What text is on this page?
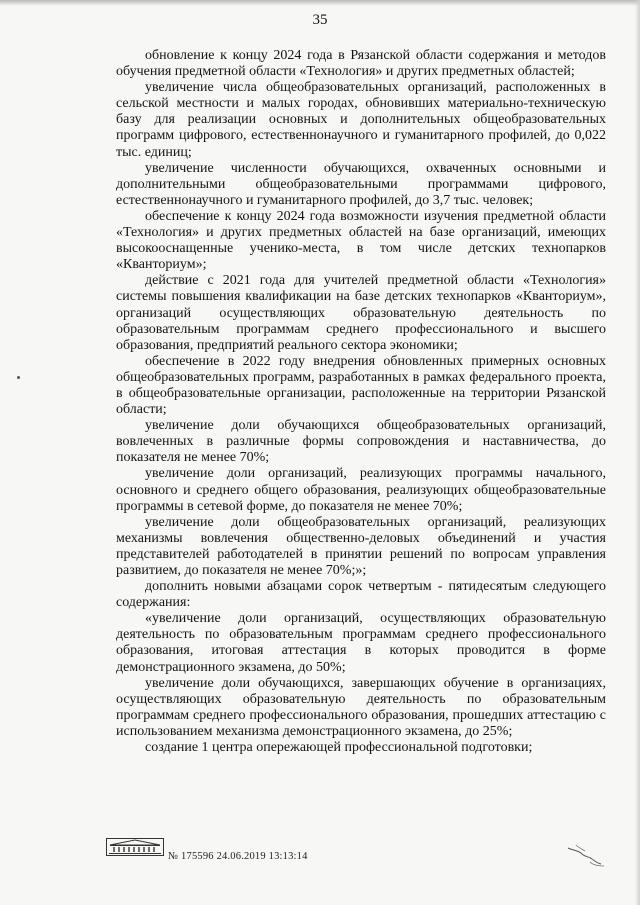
35

обновление к концу 2024 года в Рязанской области содержания и методов обучения предметной области «Технология» и других предметных областей;

увеличение числа общеобразовательных организаций, расположенных в сельской местности и малых городах, обновивших материально-техническую базу для реализации основных и дополнительных общеобразовательных программ цифрового, естественнонаучного и гуманитарного профилей, до 0,022 тыс. единиц;

увеличение численности обучающихся, охваченных основными и дополнительными общеобразовательными программами цифрового, естественнонаучного и гуманитарного профилей, до 3,7 тыс. человек;

обеспечение к концу 2024 года возможности изучения предметной области «Технология» и других предметных областей на базе организаций, имеющих высокооснащенные ученико-места, в том числе детских технопарков «Кванториум»;

действие с 2021 года для учителей предметной области «Технология» системы повышения квалификации на базе детских технопарков «Кванториум», организаций осуществляющих образовательную деятельность по образовательным программам среднего профессионального и высшего образования, предприятий реального сектора экономики;

обеспечение в 2022 году внедрения обновленных примерных основных общеобразовательных программ, разработанных в рамках федерального проекта, в общеобразовательные организации, расположенные на территории Рязанской области;

увеличение доли обучающихся общеобразовательных организаций, вовлеченных в различные формы сопровождения и наставничества, до показателя не менее 70%;

увеличение доли организаций, реализующих программы начального, основного и среднего общего образования, реализующих общеобразовательные программы в сетевой форме, до показателя не менее 70%;

увеличение доли общеобразовательных организаций, реализующих механизмы вовлечения общественно-деловых объединений и участия представителей работодателей в принятии решений по вопросам управления развитием, до показателя не менее 70%;»;

дополнить новыми абзацами сорок четвертым - пятидесятым следующего содержания:

«увеличение доли организаций, осуществляющих образовательную деятельность по образовательным программам среднего профессионального образования, итоговая аттестация в которых проводится в форме демонстрационного экзамена, до 50%;

увеличение доли обучающихся, завершающих обучение в организациях, осуществляющих образовательную деятельность по образовательным программам среднего профессионального образования, прошедших аттестацию с использованием механизма демонстрационного экзамена, до 25%;

создание 1 центра опережающей профессиональной подготовки;

№ 175596 24.06.2019 13:13:14
